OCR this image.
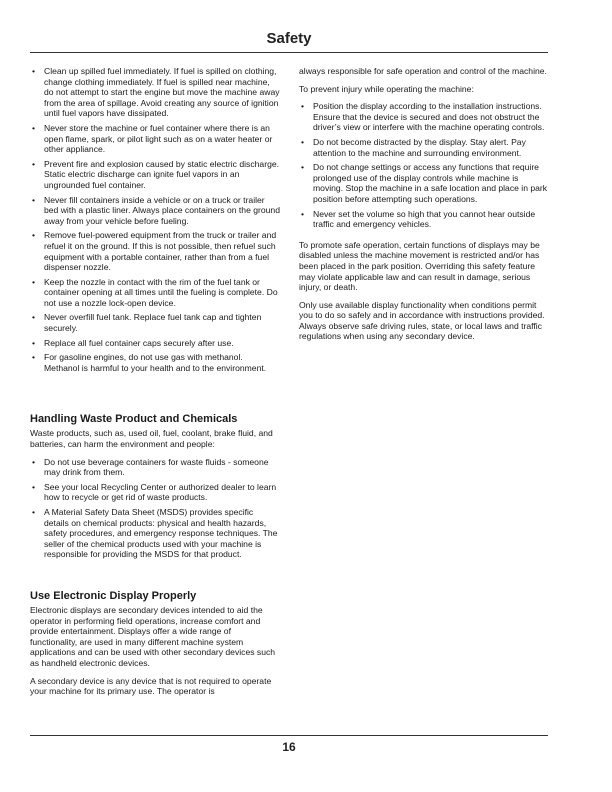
Safety
• Clean up spilled fuel immediately. If fuel is spilled on clothing, change clothing immediately. If fuel is spilled near machine, do not attempt to start the engine but move the machine away from the area of spillage. Avoid creating any source of ignition until fuel vapors have dissipated.
• Never store the machine or fuel container where there is an open flame, spark, or pilot light such as on a water heater or other appliance.
• Prevent fire and explosion caused by static electric discharge. Static electric discharge can ignite fuel vapors in an ungrounded fuel container.
• Never fill containers inside a vehicle or on a truck or trailer bed with a plastic liner. Always place containers on the ground away from your vehicle before fueling.
• Remove fuel-powered equipment from the truck or trailer and refuel it on the ground. If this is not possible, then refuel such equipment with a portable container, rather than from a fuel dispenser nozzle.
• Keep the nozzle in contact with the rim of the fuel tank or container opening at all times until the fueling is complete. Do not use a nozzle lock-open device.
• Never overfill fuel tank. Replace fuel tank cap and tighten securely.
• Replace all fuel container caps securely after use.
• For gasoline engines, do not use gas with methanol. Methanol is harmful to your health and to the environment.
Handling Waste Product and Chemicals

Waste products, such as, used oil, fuel, coolant, brake fluid, and batteries, can harm the environment and people:

• Do not use beverage containers for waste fluids - someone may drink from them.
• See your local Recycling Center or authorized dealer to learn how to recycle or get rid of waste products.
• A Material Safety Data Sheet (MSDS) provides specific details on chemical products: physical and health hazards, safety procedures, and emergency response techniques. The seller of the chemical products used with your machine is responsible for providing the MSDS for that product.
Use Electronic Display Properly

Electronic displays are secondary devices intended to aid the operator in performing field operations, increase comfort and provide entertainment. Displays offer a wide range of functionality, are used in many different machine system applications and can be used with other secondary devices such as handheld electronic devices.

A secondary device is any device that is not required to operate your machine for its primary use. The operator is

always responsible for safe operation and control of the machine.

To prevent injury while operating the machine:

• Position the display according to the installation instructions. Ensure that the device is secured and does not obstruct the driver’s view or interfere with the machine operating controls.
• Do not become distracted by the display. Stay alert. Pay attention to the machine and surrounding environment.
• Do not change settings or access any functions that require prolonged use of the display controls while machine is moving. Stop the machine in a safe location and place in park position before attempting such operations.
• Never set the volume so high that you cannot hear outside traffic and emergency vehicles.

To promote safe operation, certain functions of displays may be disabled unless the machine movement is restricted and/or has been placed in the park position. Overriding this safety feature may violate applicable law and can result in damage, serious injury, or death.

Only use available display functionality when conditions permit you to do so safely and in accordance with instructions provided. Always observe safe driving rules, state, or local laws and traffic regulations when using any secondary device.

16
